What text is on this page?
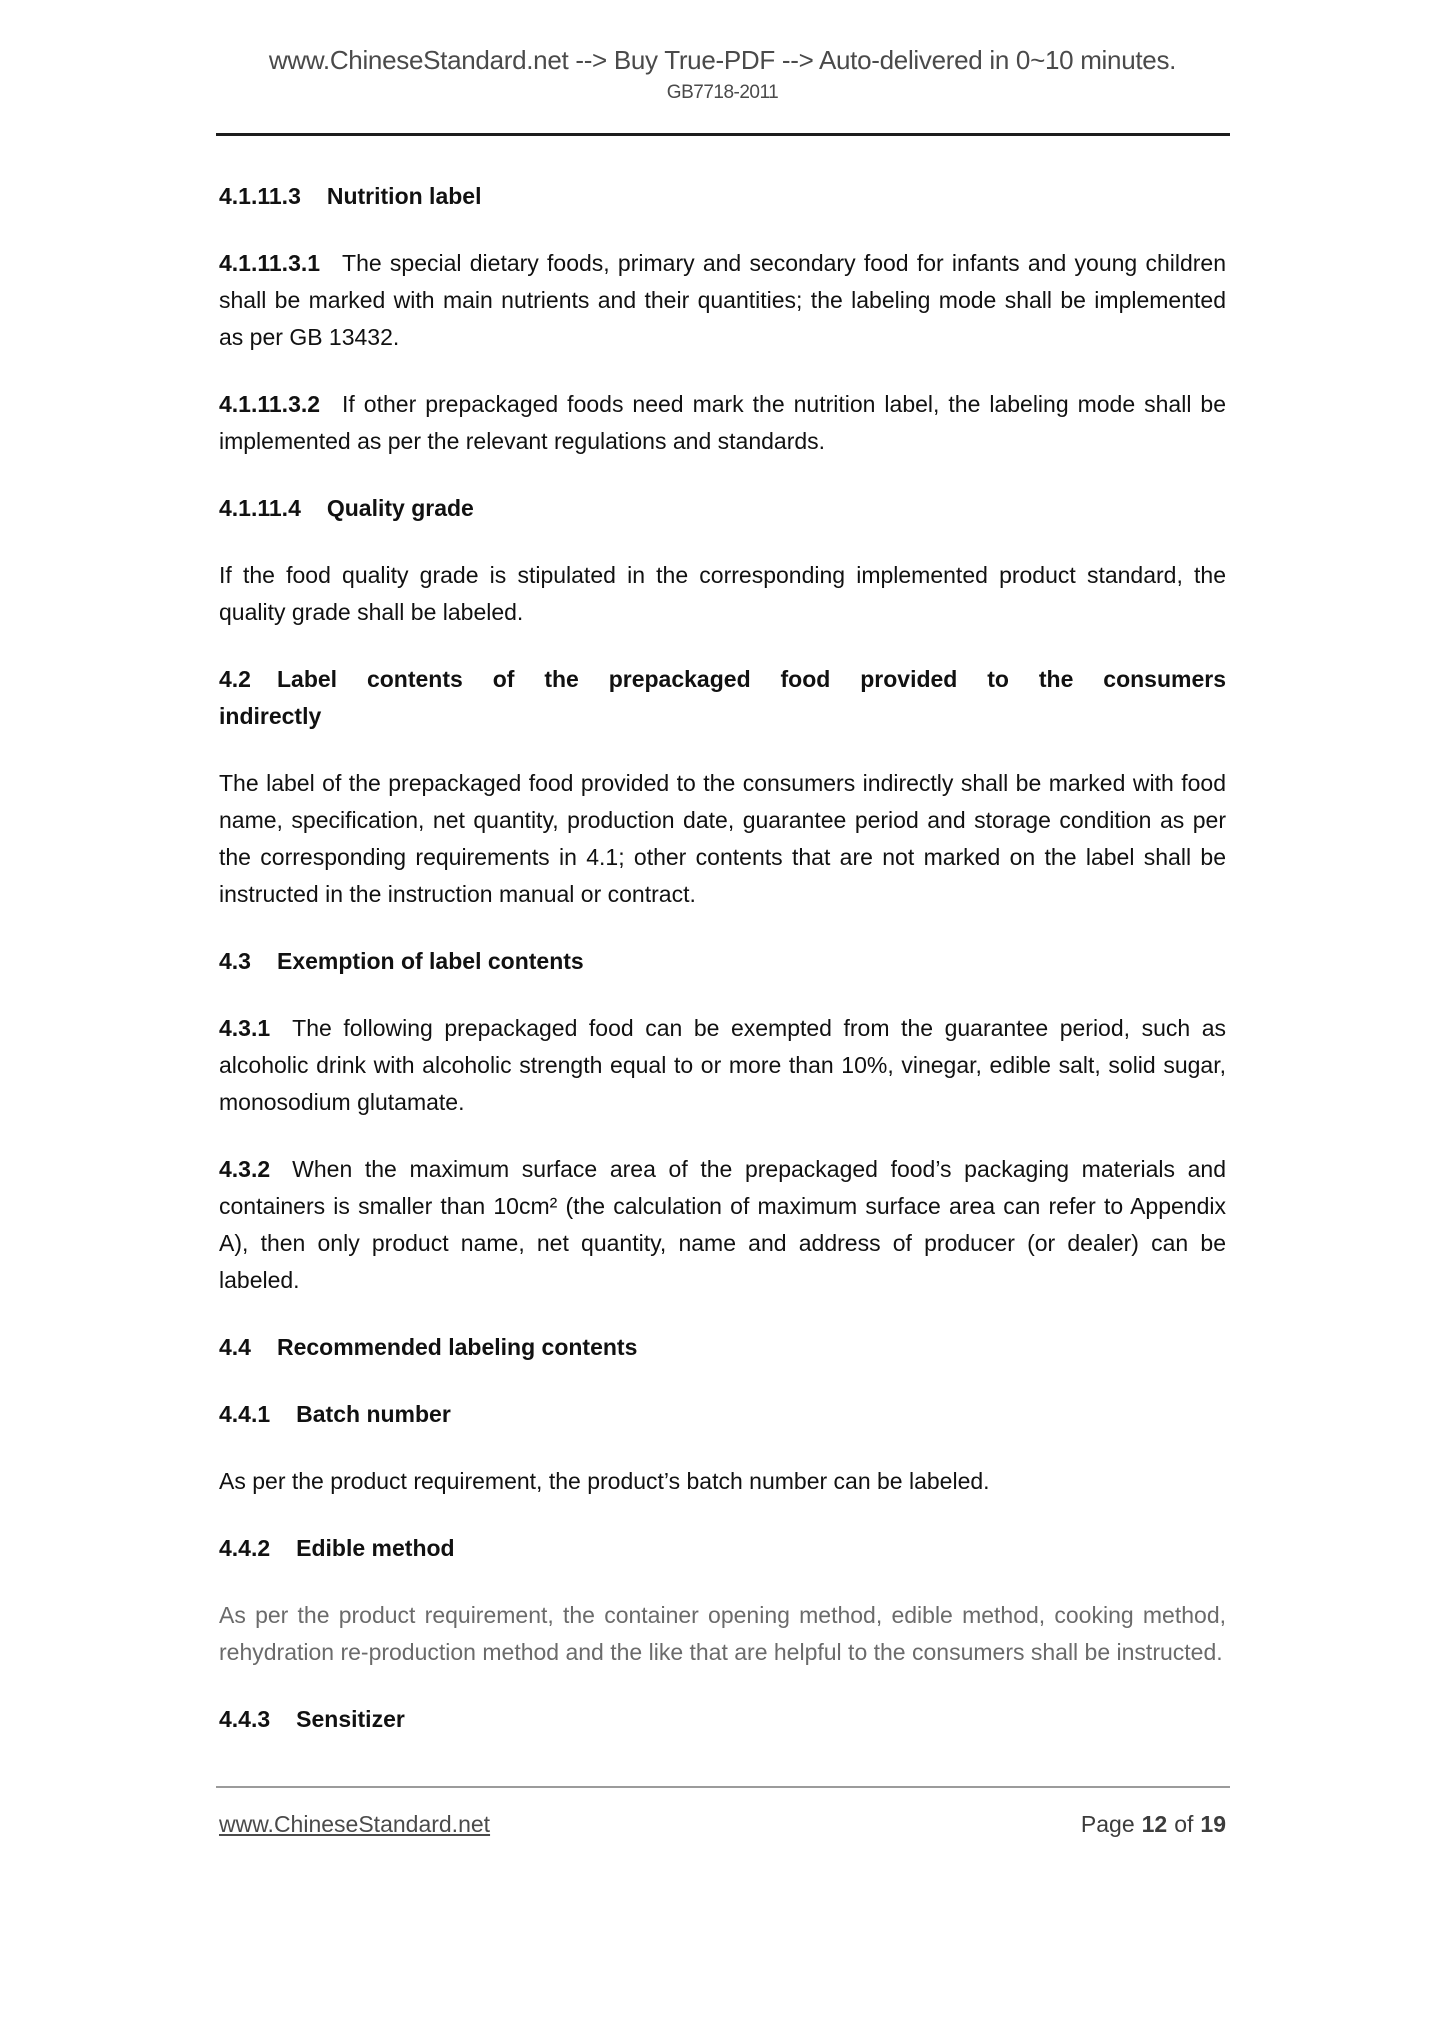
www.ChineseStandard.net --> Buy True-PDF --> Auto-delivered in 0~10 minutes.
GB7718-2011
4.1.11.3 Nutrition label

4.1.11.3.1 The special dietary foods, primary and secondary food for infants and young children shall be marked with main nutrients and their quantities; the labeling mode shall be implemented as per GB 13432.

4.1.11.3.2 If other prepackaged foods need mark the nutrition label, the labeling mode shall be implemented as per the relevant regulations and standards.

4.1.11.4 Quality grade

If the food quality grade is stipulated in the corresponding implemented product standard, the quality grade shall be labeled.

4.2 Label contents of the prepackaged food provided to the consumersindirectly

The label of the prepackaged food provided to the consumers indirectly shall be marked with food name, specification, net quantity, production date, guarantee period and storage condition as per the corresponding requirements in 4.1; other contents that are not marked on the label shall be instructed in the instruction manual or contract.

4.3 Exemption of label contents

4.3.1 The following prepackaged food can be exempted from the guarantee period, such as alcoholic drink with alcoholic strength equal to or more than 10%, vinegar, edible salt, solid sugar, monosodium glutamate.

4.3.2 When the maximum surface area of the prepackaged food’s packaging materials and containers is smaller than 10cm² (the calculation of maximum surface area can refer to Appendix A), then only product name, net quantity, name and address of producer (or dealer) can be labeled.

4.4 Recommended labeling contents
4.4.1 Batch number

As per the product requirement, the product’s batch number can be labeled.

4.4.2 Edible method

As per the product requirement, the container opening method, edible method, cooking method, rehydration re-production method and the like that are helpful to the consumers shall be instructed.

4.4.3 Sensitizer
www.ChineseStandard.net	Page 12 of 19
